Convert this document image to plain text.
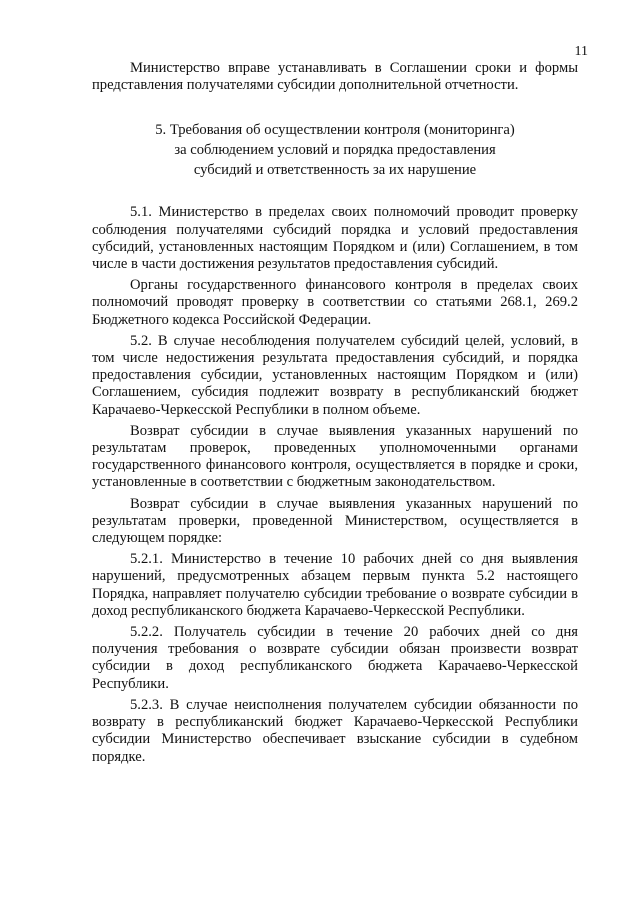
11

Министерство вправе устанавливать в Соглашении сроки и формы представления получателями субсидии дополнительной отчетности.

5. Требования об осуществлении контроля (мониторинга)
за соблюдением условий и порядка предоставления
субсидий и ответственность за их нарушение

5.1. Министерство в пределах своих полномочий проводит проверку соблюдения получателями субсидий порядка и условий предоставления субсидий, установленных настоящим Порядком и (или) Соглашением, в том числе в части достижения результатов предоставления субсидий.

Органы государственного финансового контроля в пределах своих полномочий проводят проверку в соответствии со статьями 268.1, 269.2 Бюджетного кодекса Российской Федерации.

5.2. В случае несоблюдения получателем субсидий целей, условий, в том числе недостижения результата предоставления субсидий, и порядка предоставления субсидии, установленных настоящим Порядком и (или) Соглашением, субсидия подлежит возврату в республиканский бюджет Карачаево-Черкесской Республики в полном объеме.

Возврат субсидии в случае выявления указанных нарушений по результатам проверок, проведенных уполномоченными органами государственного финансового контроля, осуществляется в порядке и сроки, установленные в соответствии с бюджетным законодательством.

Возврат субсидии в случае выявления указанных нарушений по результатам проверки, проведенной Министерством, осуществляется в следующем порядке:

5.2.1. Министерство в течение 10 рабочих дней со дня выявления нарушений, предусмотренных абзацем первым пункта 5.2 настоящего Порядка, направляет получателю субсидии требование о возврате субсидии в доход республиканского бюджета Карачаево-Черкесской Республики.

5.2.2. Получатель субсидии в течение 20 рабочих дней со дня получения требования о возврате субсидии обязан произвести возврат субсидии в доход республиканского бюджета Карачаево-Черкесской Республики.

5.2.3. В случае неисполнения получателем субсидии обязанности по возврату в республиканский бюджет Карачаево-Черкесской Республики субсидии Министерство обеспечивает взыскание субсидии в судебном порядке.
